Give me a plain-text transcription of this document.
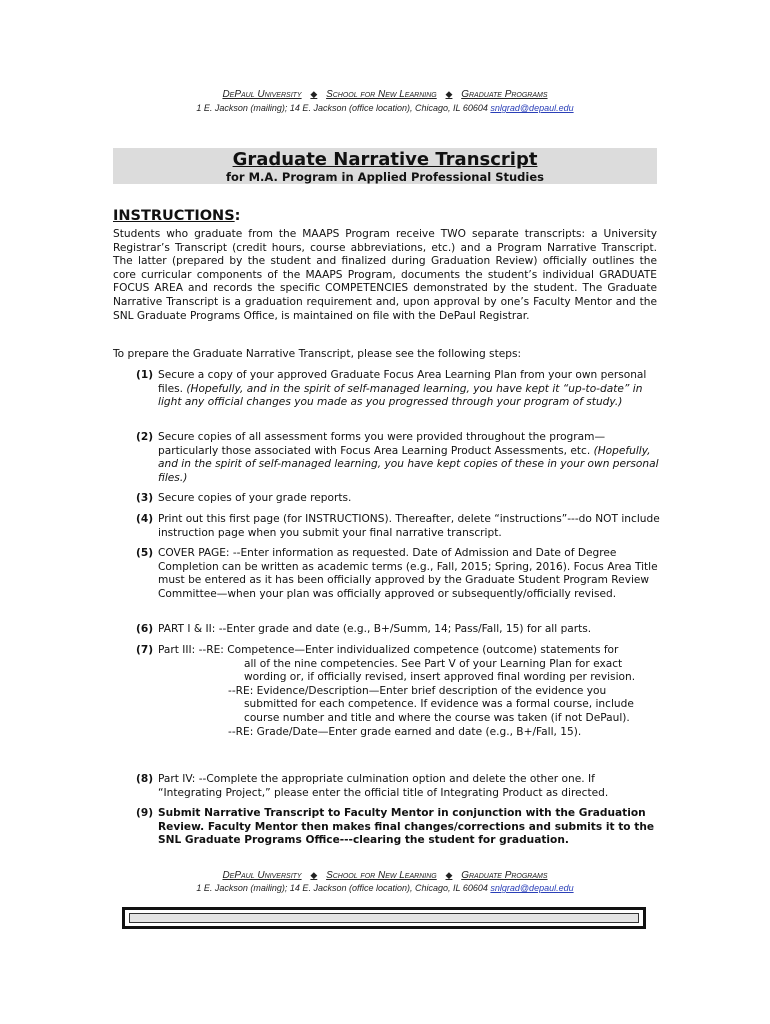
DePaul University ◆ School for New Learning ◆ Graduate Programs
1 E. Jackson (mailing); 14 E. Jackson (office location), Chicago, IL 60604 snlgrad@depaul.edu
Graduate Narrative Transcript
for M.A. Program in Applied Professional Studies
INSTRUCTIONS:
Students who graduate from the MAAPS Program receive TWO separate transcripts: a University Registrar’s Transcript (credit hours, course abbreviations, etc.) and a Program Narrative Transcript. The latter (prepared by the student and finalized during Graduation Review) officially outlines the core curricular components of the MAAPS Program, documents the student’s individual GRADUATE FOCUS AREA and records the specific COMPETENCIES demonstrated by the student. The Graduate Narrative Transcript is a graduation requirement and, upon approval by one’s Faculty Mentor and the SNL Graduate Programs Office, is maintained on file with the DePaul Registrar.
To prepare the Graduate Narrative Transcript, please see the following steps:
(1) Secure a copy of your approved Graduate Focus Area Learning Plan from your own personal files. (Hopefully, and in the spirit of self-managed learning, you have kept it “up-to-date” in light any official changes you made as you progressed through your program of study.)
(2) Secure copies of all assessment forms you were provided throughout the program—particularly those associated with Focus Area Learning Product Assessments, etc. (Hopefully, and in the spirit of self-managed learning, you have kept copies of these in your own personal files.)
(3) Secure copies of your grade reports.
(4) Print out this first page (for INSTRUCTIONS). Thereafter, delete “instructions”---do NOT include instruction page when you submit your final narrative transcript.
(5) COVER PAGE: --Enter information as requested. Date of Admission and Date of Degree Completion can be written as academic terms (e.g., Fall, 2015; Spring, 2016). Focus Area Title must be entered as it has been officially approved by the Graduate Student Program Review Committee—when your plan was officially approved or subsequently/officially revised.
(6) PART I & II: --Enter grade and date (e.g., B+/Summ, 14; Pass/Fall, 15) for all parts.
(7) Part III: --RE: Competence—Enter individualized competence (outcome) statements for
all of the nine competencies. See Part V of your Learning Plan for exact wording or, if officially revised, insert approved final wording per revision.
--RE: Evidence/Description—Enter brief description of the evidence you
submitted for each competence. If evidence was a formal course, include course number and title and where the course was taken (if not DePaul).
--RE: Grade/Date—Enter grade earned and date (e.g., B+/Fall, 15).
(8) Part IV: --Complete the appropriate culmination option and delete the other one. If “Integrating Project,” please enter the official title of Integrating Product as directed.
(9) Submit Narrative Transcript to Faculty Mentor in conjunction with the Graduation Review. Faculty Mentor then makes final changes/corrections and submits it to the SNL Graduate Programs Office---clearing the student for graduation.
DePaul University ◆ School for New Learning ◆ Graduate Programs
1 E. Jackson (mailing); 14 E. Jackson (office location), Chicago, IL 60604 snlgrad@depaul.edu
